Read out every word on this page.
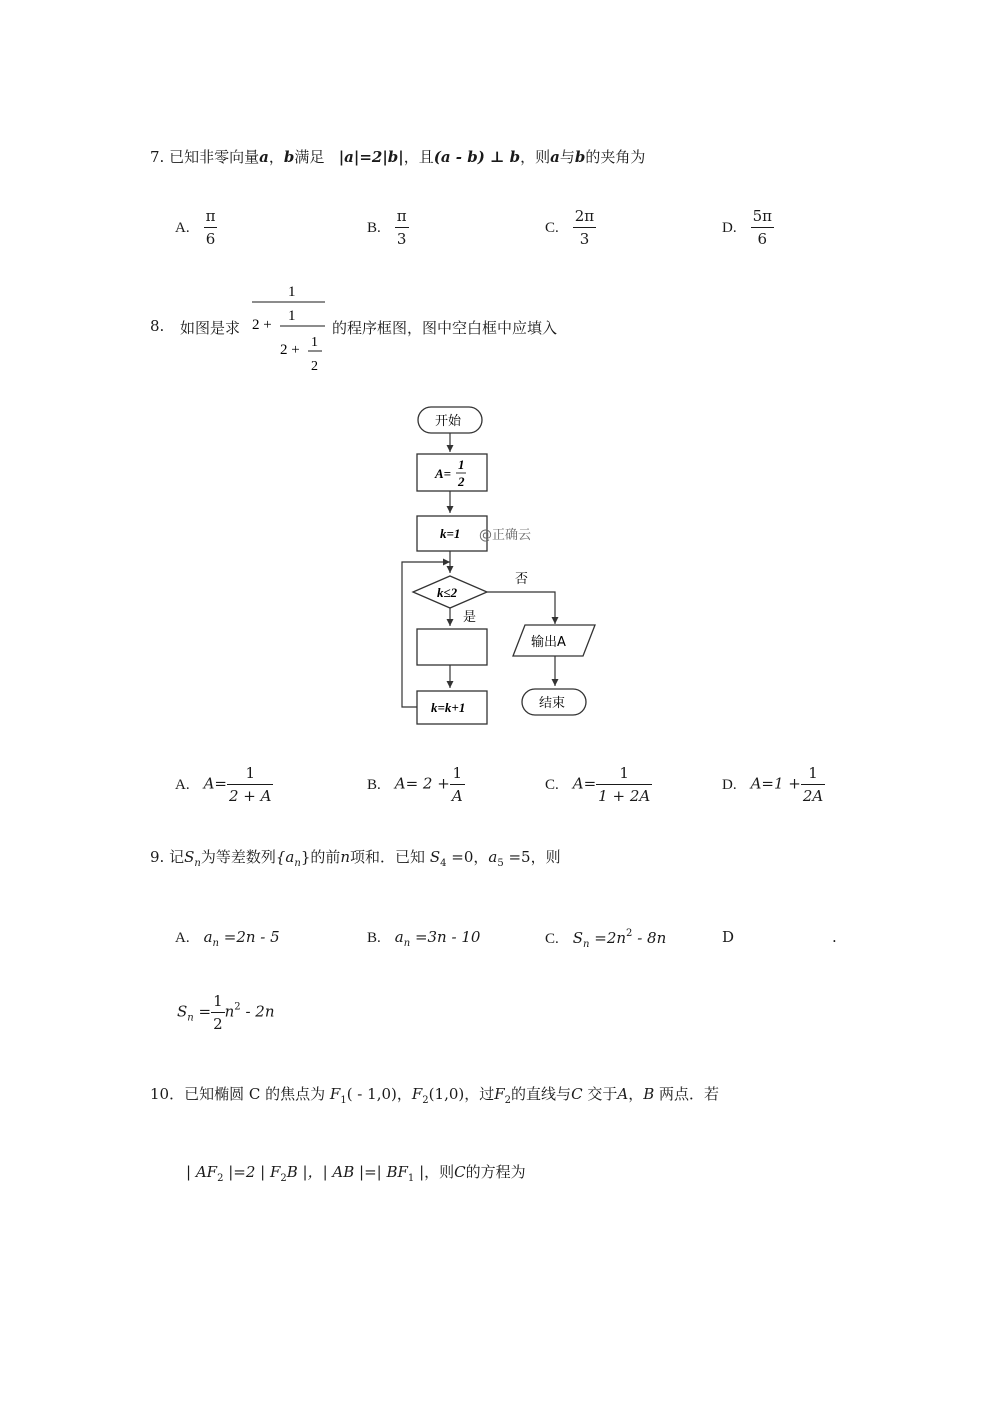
7. 已知非零向量a，b满足 |a|=2|b|，且(a - b) ⊥ b，则a与b的夹角为
A. $\frac{\pi}{6}$	B. $\frac{\pi}{3}$	C. $\frac{2\pi}{3}$	D. $\frac{5\pi}{6}$
8. 如图是求
1
2 +
1
2 + 1
2
的程序框图，图中空白框中应填入
开始
A=
1
2
k=1 @正确云
k≤2
否
是
k=k+1
输出A
结束
A. $A= \frac{1}{2 + A}$	B. $A= 2 + \frac{1}{A}$	C. $A= \frac{1}{1 + 2A}$	D. $A=1 + \frac{1}{2A}$
9. 记$S_n$为等差数列$\{a_n\}$的前n项和．已知 $S_4 =0$，$a_5 =5$，则
A. $a_n =2n - 5$	B. $a_n =3n - 10$	C. $S_n =2n^2 - 8n$	D	.
$S_n = \frac{1}{2} n^2 - 2n$
10．已知椭圆 C 的焦点为 $F_1( - 1,0)$，$F_2(1,0)$，过$F_2$的直线与C 交于A，B 两点．若
| $AF_2$ |=2 | $F_2B$ |，| AB |=| $BF_1$ |，则C的方程为
